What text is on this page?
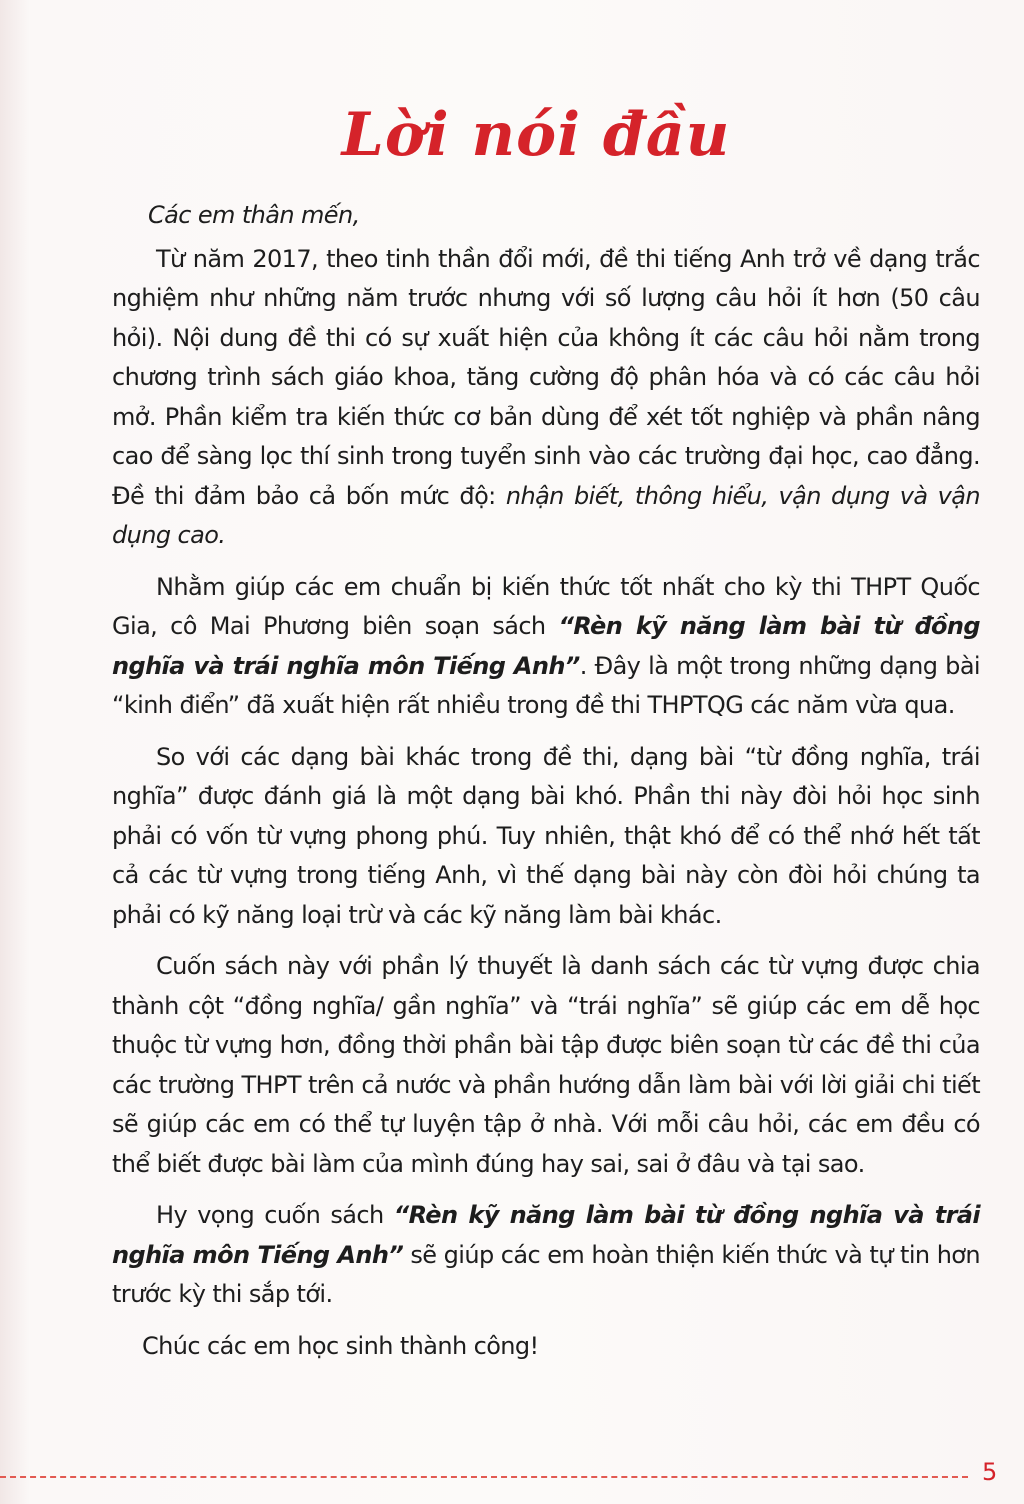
Lời nói đầu

Các em thân mến,

Từ năm 2017, theo tinh thần đổi mới, đề thi tiếng Anh trở về dạng trắc nghiệm như những năm trước nhưng với số lượng câu hỏi ít hơn (50 câu hỏi). Nội dung đề thi có sự xuất hiện của không ít các câu hỏi nằm trong chương trình sách giáo khoa, tăng cường độ phân hóa và có các câu hỏi mở. Phần kiểm tra kiến thức cơ bản dùng để xét tốt nghiệp và phần nâng cao để sàng lọc thí sinh trong tuyển sinh vào các trường đại học, cao đẳng. Đề thi đảm bảo cả bốn mức độ: nhận biết, thông hiểu, vận dụng và vận dụng cao.

Nhằm giúp các em chuẩn bị kiến thức tốt nhất cho kỳ thi THPT Quốc Gia, cô Mai Phương biên soạn sách “Rèn kỹ năng làm bài từ đồng nghĩa và trái nghĩa môn Tiếng Anh”. Đây là một trong những dạng bài “kinh điển” đã xuất hiện rất nhiều trong đề thi THPTQG các năm vừa qua.

So với các dạng bài khác trong đề thi, dạng bài “từ đồng nghĩa, trái nghĩa” được đánh giá là một dạng bài khó. Phần thi này đòi hỏi học sinh phải có vốn từ vựng phong phú. Tuy nhiên, thật khó để có thể nhớ hết tất cả các từ vựng trong tiếng Anh, vì thế dạng bài này còn đòi hỏi chúng ta phải có kỹ năng loại trừ và các kỹ năng làm bài khác.

Cuốn sách này với phần lý thuyết là danh sách các từ vựng được chia thành cột “đồng nghĩa/ gần nghĩa” và “trái nghĩa” sẽ giúp các em dễ học thuộc từ vựng hơn, đồng thời phần bài tập được biên soạn từ các đề thi của các trường THPT trên cả nước và phần hướng dẫn làm bài với lời giải chi tiết sẽ giúp các em có thể tự luyện tập ở nhà. Với mỗi câu hỏi, các em đều có thể biết được bài làm của mình đúng hay sai, sai ở đâu và tại sao.

Hy vọng cuốn sách “Rèn kỹ năng làm bài từ đồng nghĩa và trái nghĩa môn Tiếng Anh” sẽ giúp các em hoàn thiện kiến thức và tự tin hơn trước kỳ thi sắp tới.

Chúc các em học sinh thành công!

5
